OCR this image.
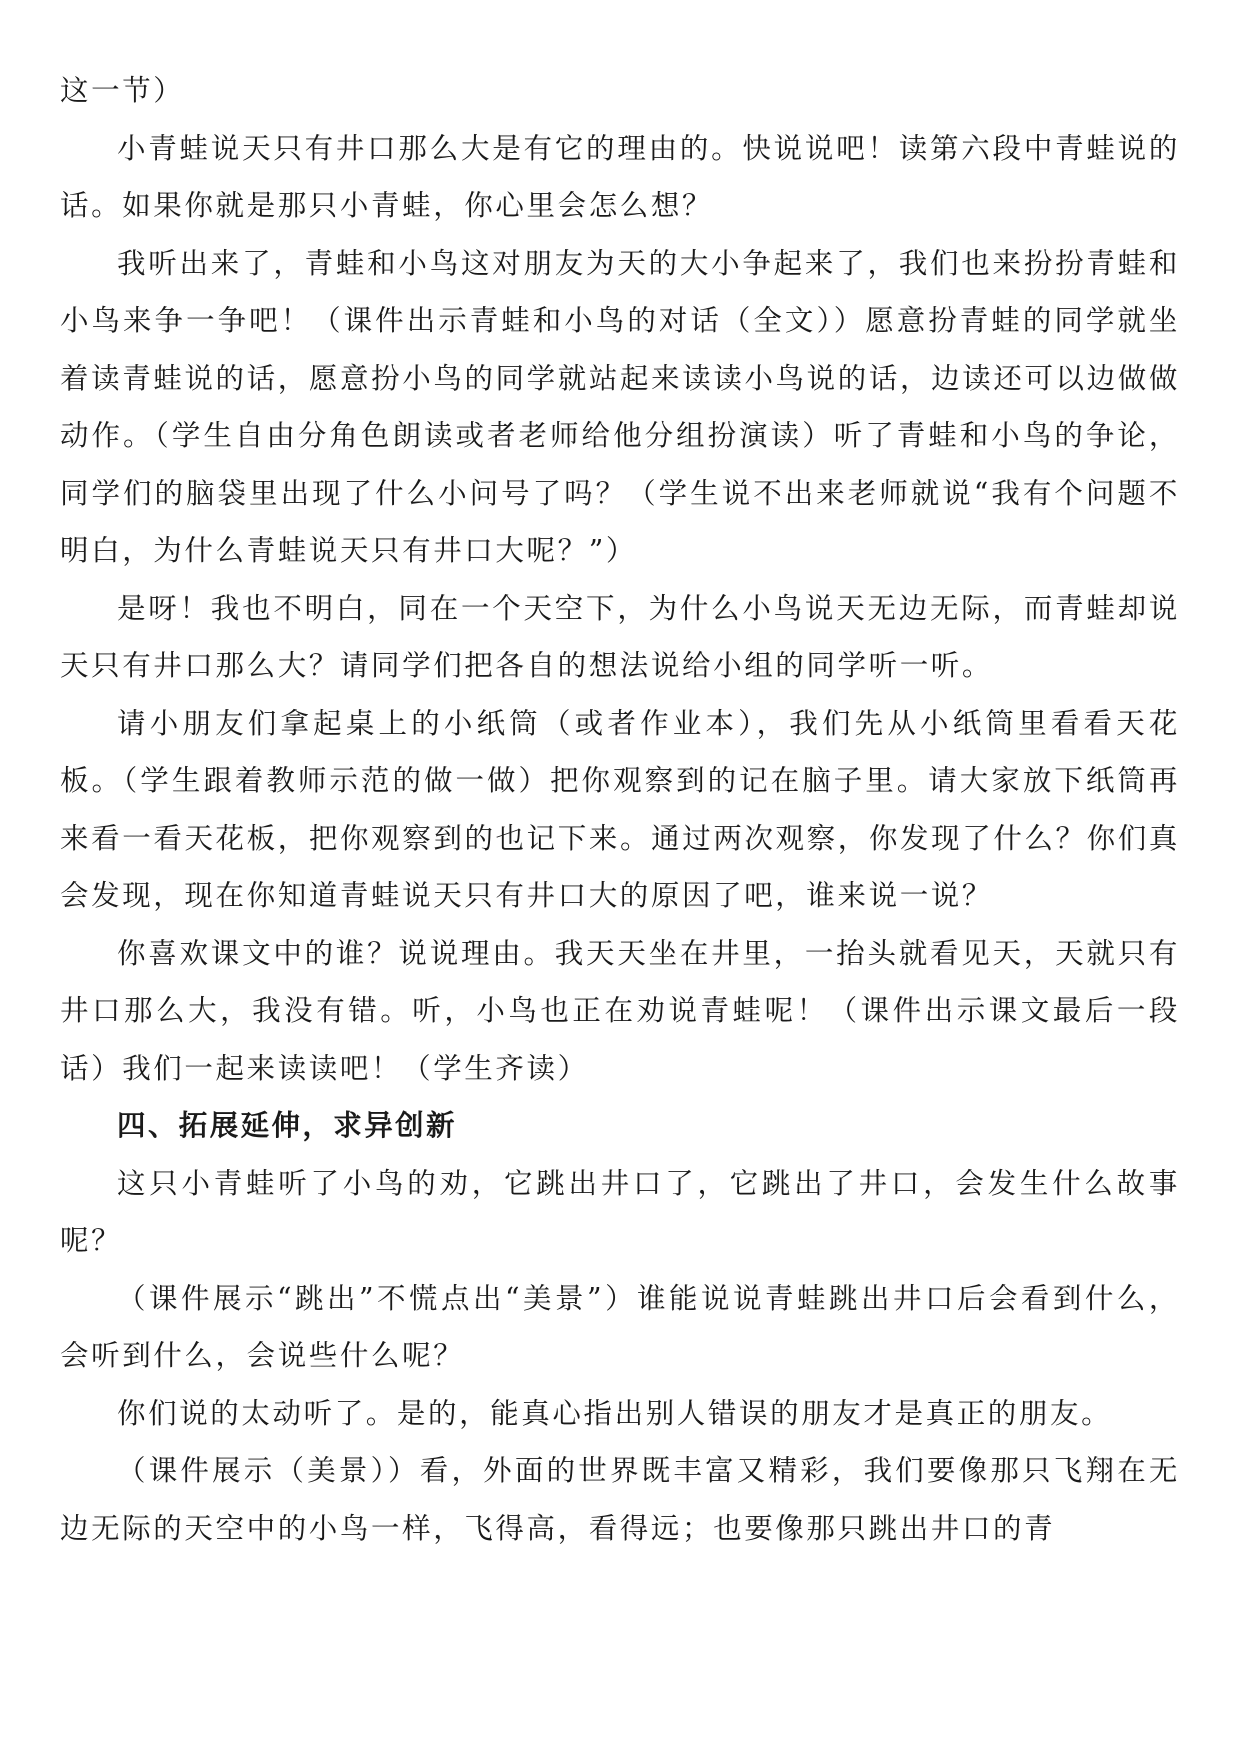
这一节）

小青蛙说天只有井口那么大是有它的理由的。快说说吧！读第六段中青蛙说的话。如果你就是那只小青蛙，你心里会怎么想？

我听出来了，青蛙和小鸟这对朋友为天的大小争起来了，我们也来扮扮青蛙和小鸟来争一争吧！（课件出示青蛙和小鸟的对话（全文））愿意扮青蛙的同学就坐着读青蛙说的话，愿意扮小鸟的同学就站起来读读小鸟说的话，边读还可以边做做动作。（学生自由分角色朗读或者老师给他分组扮演读）听了青蛙和小鸟的争论，同学们的脑袋里出现了什么小问号了吗？（学生说不出来老师就说“我有个问题不明白，为什么青蛙说天只有井口大呢？”）

是呀！我也不明白，同在一个天空下，为什么小鸟说天无边无际，而青蛙却说天只有井口那么大？请同学们把各自的想法说给小组的同学听一听。

请小朋友们拿起桌上的小纸筒（或者作业本），我们先从小纸筒里看看天花板。（学生跟着教师示范的做一做）把你观察到的记在脑子里。请大家放下纸筒再来看一看天花板，把你观察到的也记下来。通过两次观察，你发现了什么？你们真会发现，现在你知道青蛙说天只有井口大的原因了吧，谁来说一说？

你喜欢课文中的谁？说说理由。我天天坐在井里，一抬头就看见天，天就只有井口那么大，我没有错。听，小鸟也正在劝说青蛙呢！（课件出示课文最后一段话）我们一起来读读吧！（学生齐读）

四、拓展延伸，求异创新

这只小青蛙听了小鸟的劝，它跳出井口了，它跳出了井口，会发生什么故事呢？

（课件展示“跳出”不慌点出“美景”）谁能说说青蛙跳出井口后会看到什么，会听到什么，会说些什么呢？

你们说的太动听了。是的，能真心指出别人错误的朋友才是真正的朋友。

（课件展示（美景））看，外面的世界既丰富又精彩，我们要像那只飞翔在无边无际的天空中的小鸟一样，飞得高，看得远；也要像那只跳出井口的青
